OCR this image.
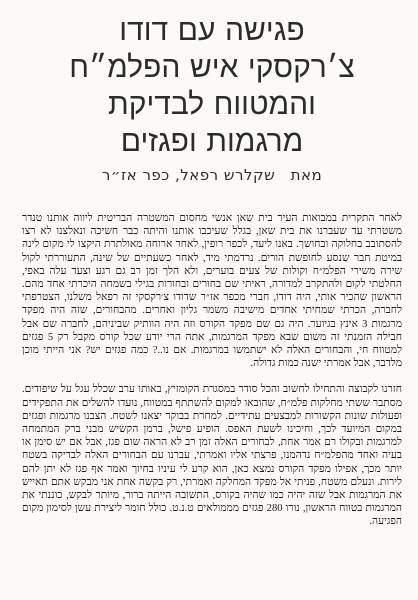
פגישה עם דודו
צ׳רקסקי איש הפלמ״ח
והמטווח לבדיקת
מרגמות ופגזים
מאת שקלרש רפאל, כפר אז״ר

לאחר התקרית במבואות העיר בית שאן אנשי מחסום המשטרה הבריטית ליווה אותנו טנדר משטרתי עד שעברנו את בית שאן, בגלל שעיכבו אותנו והיתה כבר חשיכה ונאלצנו לא רצו להסתובב בחלוקה ובחושך. באנו ליעד, לכפר רופין, לאחר ארוחה מאולתרת היקצו לי מקום לינה במיטת חבר שנסע לחופשת הורים. נרדמתי מיד, לאחר כשעתיים של שינה, התעוררתי לקול שירה משירי הפלמ״ח וקולות של צעים בוערים, ולא הלך זמן רב גם רגע וצעד עלה באפי, החלטתי לקום ולהתקרב למדורה, ראיתי שם בחורים ובחורות בגילי בשמחה היכרתי אחד מהם. הראשון שהכיר אותי, היה דודו, חברי מכפר אז״ר שדודו צ׳רקסקי זה רפאל משלנו, הצטרפתי לחברה, הכרתי שמחיתי אחדים מישיבה משמר גליון ואחרים. מהבחורים, שזה היה מפקד מרגמות 3 אינץ בגיוער. היה גם שם מפקד הקורס וזה היה הוותיק שביניהם, לחברה שם אבל חבילה הזמנתי זה משום שבא מפקד המרגמות, אתה הרי יודע שכל קורס מקבל רק 5 פגזים למטווח חי, והבחורים האלה לא ישתמשו במרגמות. אם נו..? כמה פגזים יש? אני הייתי מוכן מלדבר, אבל אמרתי ישנה כמות גדולה.

חזרנו לקבוצה והתחילו לחשוב והכל סודר במסגרת הקומזיץ, באותו ערב שכלל עגל על שיפודים. מסתבר ששתי מחלקות פלמ״ח, שהובאו למקום להשתתף במטווח, נועדו להשלים את התפקידים ופעולות שונות הקשורות למבצעים עתידיים. למחרת בבוקר יצאנו לשטח. הצבנו מרגמות ופגזים במקום המיועד לכך, וחיכינו לשעת האפס. הופיע פישל, ברמן הקשיש מבני ברק המתמחה למרגמות ובקולו רם אמר אחת, לבחורים האלה זמן רב לא הראה שום פגז, אבל אם יש סימן או בעיה ואחד מהפלמ״ח נדהמנו, פרצתי אליו ואמרתי, עברנו עם הבחורים האלה לבדיקה בשטח יותר מכך, אפילו מפקד הקורס נמצא כאן, הוא קרע לי עיניו בחיוך ואמר אף פגז לא יתן להם לירות. ונעלם משטח, פניתי אל מפקד המחלקה ואמרתי, רק בקשה אחת אני מבקש אתם תאייש את המרגמות אבל שזה יהיה כמו שהיה בקורס, התשובה הייתה ברור, מיותר לבקש, כוננתי את המרגמות בטווח הראשון, נורו 280 פגזים מממולאים ט.נ.ט. כולל חומר ליצירת עשן לסימון מקום הפגיעה.
